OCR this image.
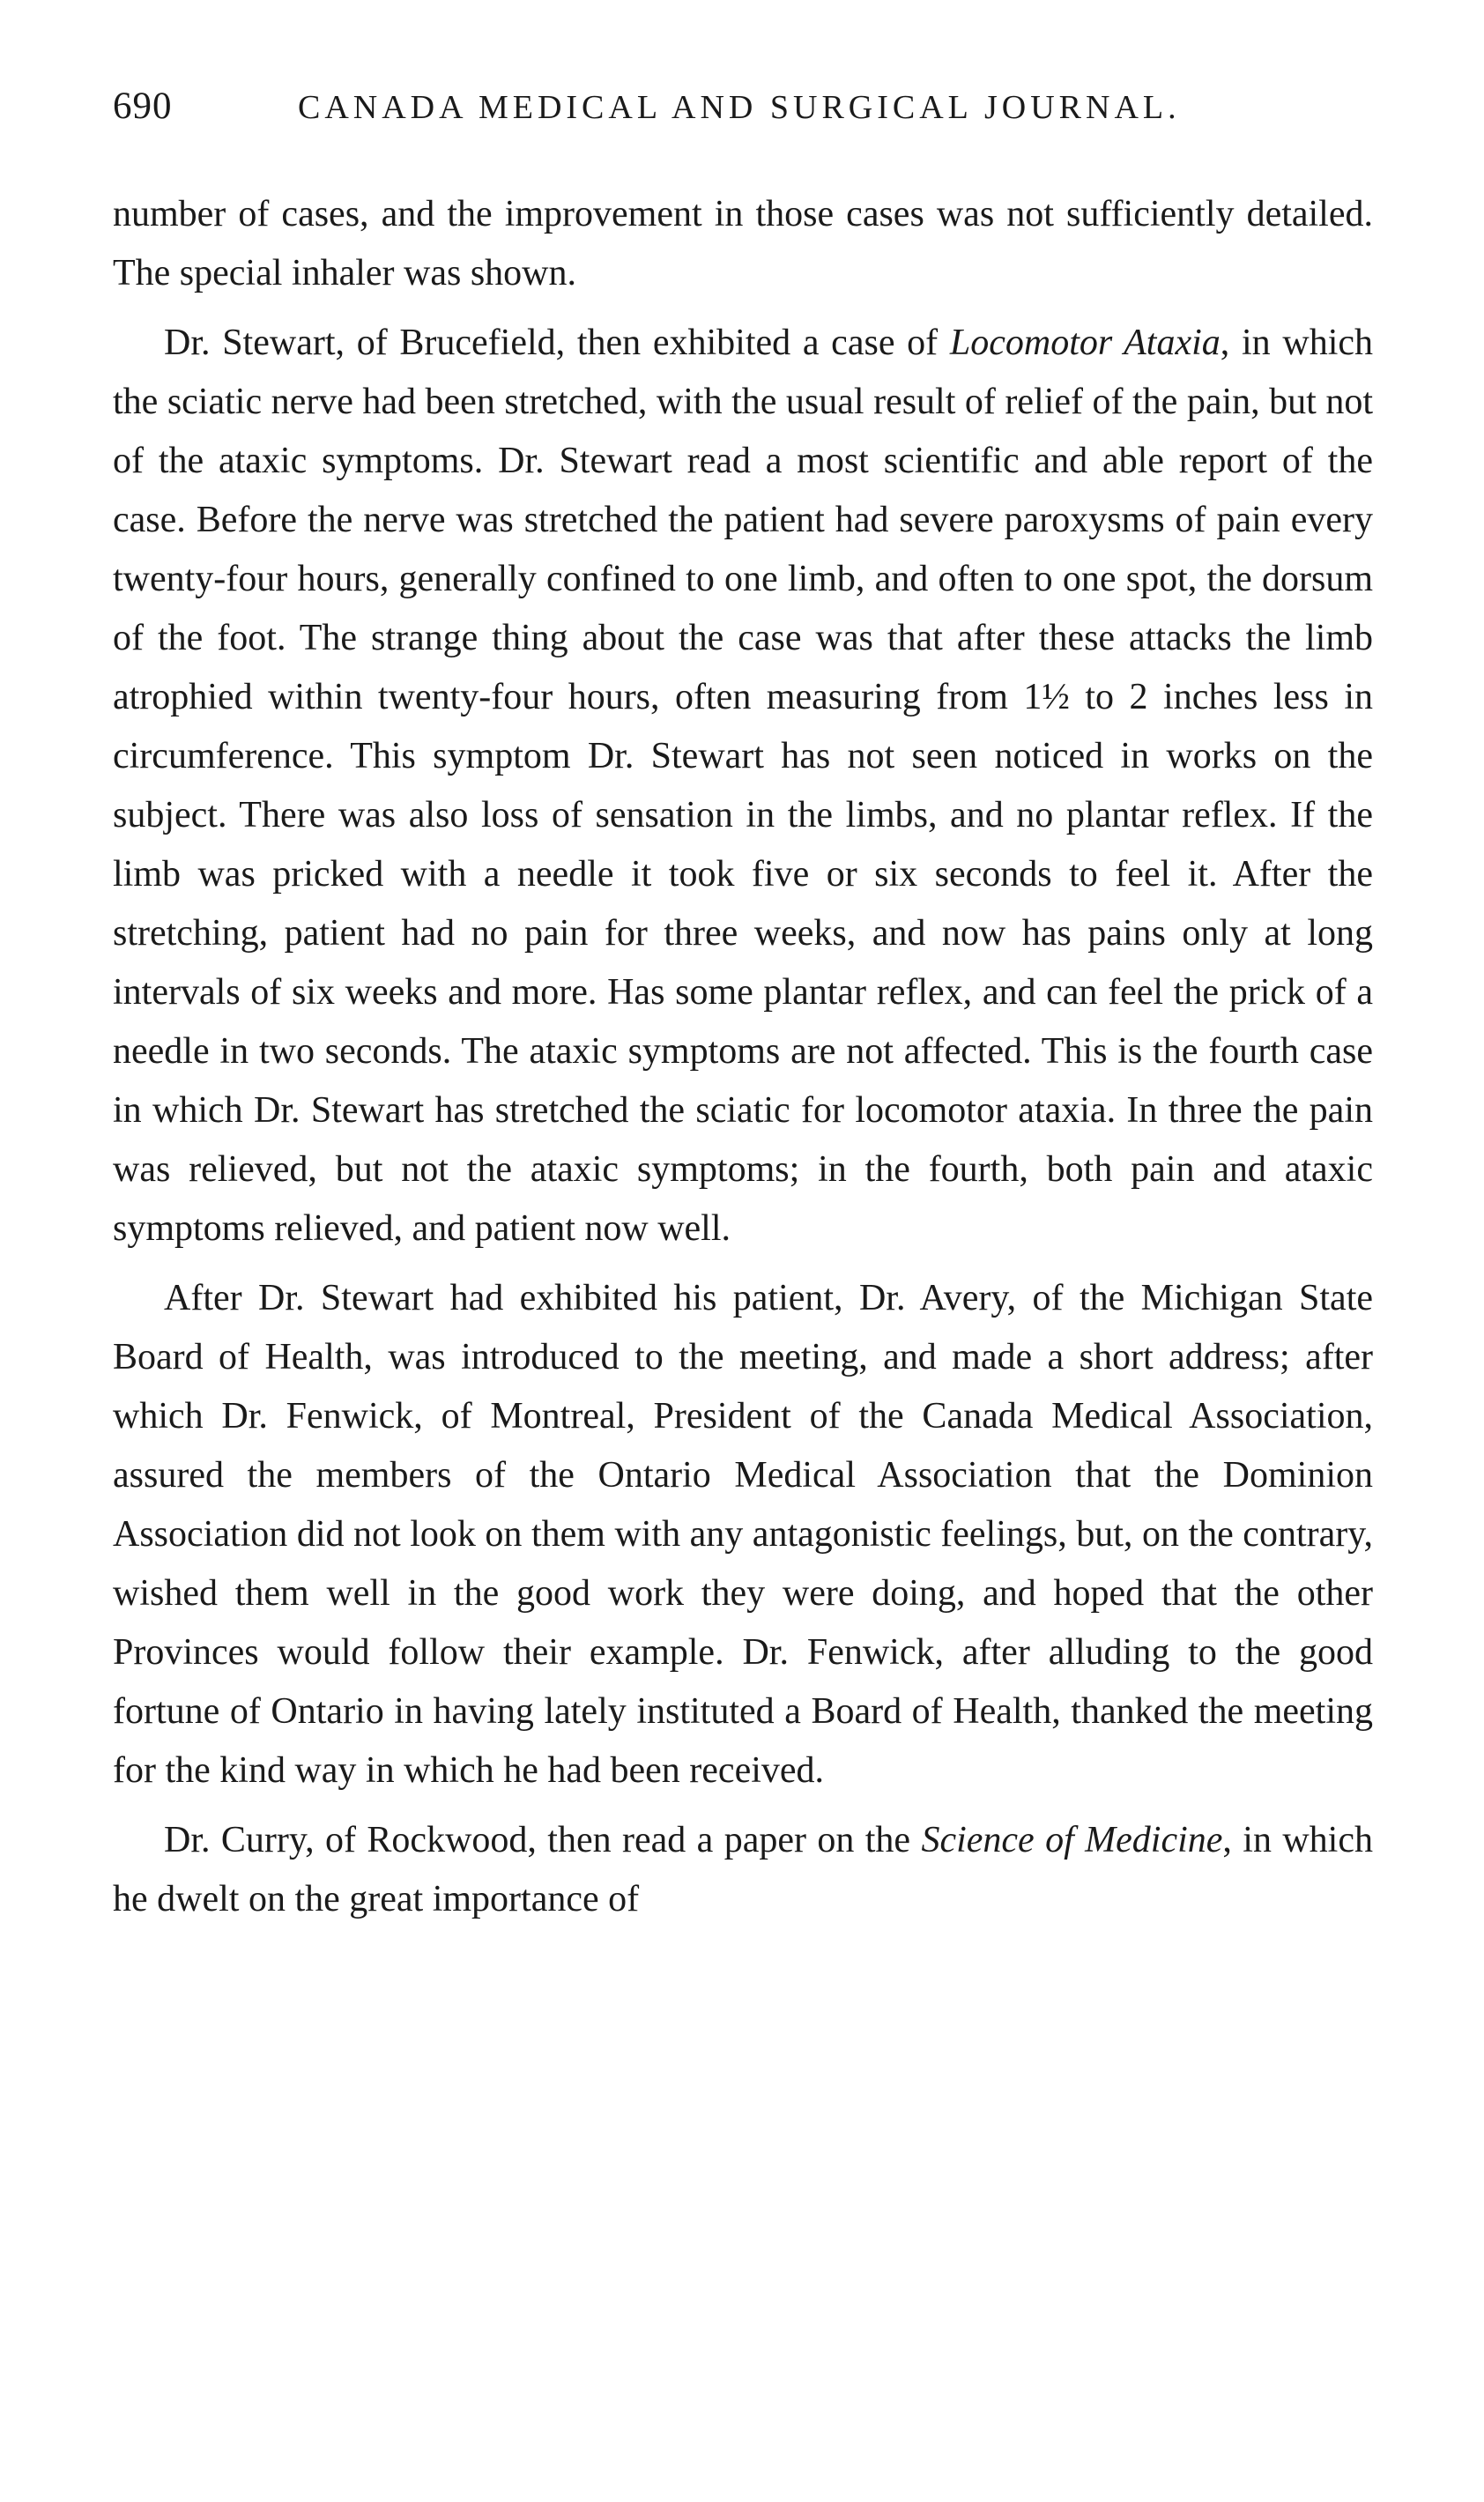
690	CANADA MEDICAL AND SURGICAL JOURNAL.

number of cases, and the improvement in those cases was not sufficiently detailed. The special inhaler was shown.

Dr. Stewart, of Brucefield, then exhibited a case of Locomotor Ataxia, in which the sciatic nerve had been stretched, with the usual result of relief of the pain, but not of the ataxic symptoms. Dr. Stewart read a most scientific and able report of the case. Before the nerve was stretched the patient had severe paroxysms of pain every twenty-four hours, generally confined to one limb, and often to one spot, the dorsum of the foot. The strange thing about the case was that after these attacks the limb atrophied within twenty-four hours, often measuring from 1½ to 2 inches less in circumference. This symptom Dr. Stewart has not seen noticed in works on the subject. There was also loss of sensation in the limbs, and no plantar reflex. If the limb was pricked with a needle it took five or six seconds to feel it. After the stretching, patient had no pain for three weeks, and now has pains only at long intervals of six weeks and more. Has some plantar reflex, and can feel the prick of a needle in two seconds. The ataxic symptoms are not affected. This is the fourth case in which Dr. Stewart has stretched the sciatic for locomotor ataxia. In three the pain was relieved, but not the ataxic symptoms; in the fourth, both pain and ataxic symptoms relieved, and patient now well.

After Dr. Stewart had exhibited his patient, Dr. Avery, of the Michigan State Board of Health, was introduced to the meeting, and made a short address; after which Dr. Fenwick, of Montreal, President of the Canada Medical Association, assured the members of the Ontario Medical Association that the Dominion Association did not look on them with any antagonistic feelings, but, on the contrary, wished them well in the good work they were doing, and hoped that the other Provinces would follow their example. Dr. Fenwick, after alluding to the good fortune of Ontario in having lately instituted a Board of Health, thanked the meeting for the kind way in which he had been received.

Dr. Curry, of Rockwood, then read a paper on the Science of Medicine, in which he dwelt on the great importance of
